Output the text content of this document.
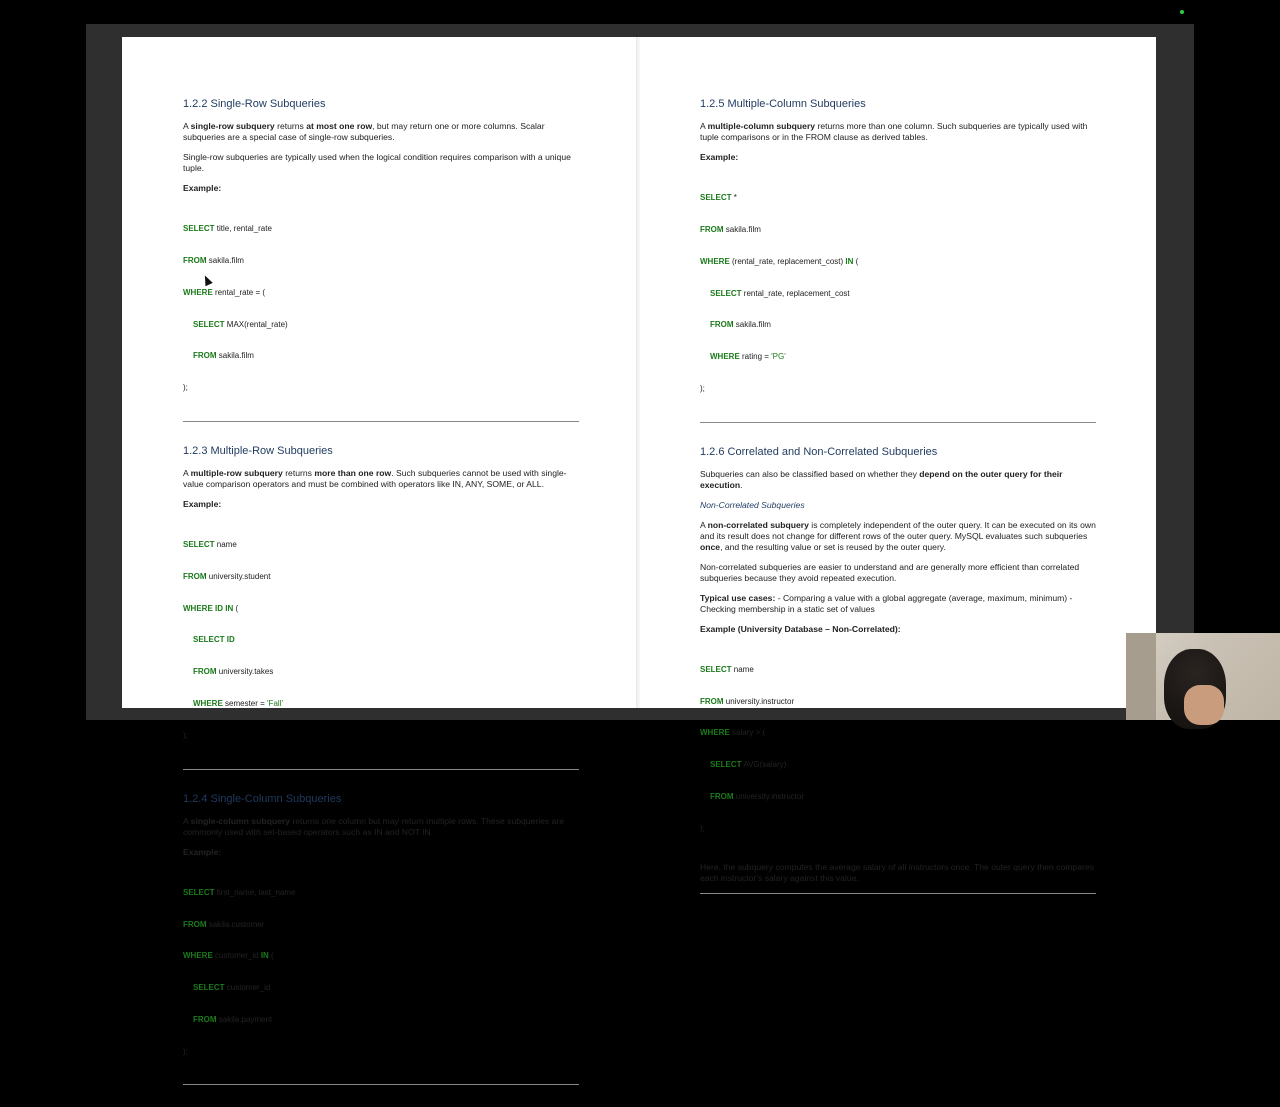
1.2.2 Single-Row Subqueries

A single-row subquery returns at most one row, but may return one or more columns. Scalar subqueries are a special case of single-row subqueries.

Single-row subqueries are typically used when the logical condition requires comparison with a unique tuple.

Example:

SELECT title, rental_rate

FROM sakila.film

WHERE rental_rate = (

SELECT MAX(rental_rate)

FROM sakila.film

);

1.2.3 Multiple-Row Subqueries

A multiple-row subquery returns more than one row. Such subqueries cannot be used with single-value comparison operators and must be combined with operators like IN, ANY, SOME, or ALL.

Example:

SELECT name

FROM university.student

WHERE ID IN (

SELECT ID

FROM university.takes

WHERE semester = 'Fall'

);

1.2.4 Single-Column Subqueries

A single-column subquery returns one column but may return multiple rows. These subqueries are commonly used with set-based operators such as IN and NOT IN.

Example:

SELECT first_name, last_name

FROM sakila.customer

WHERE customer_id IN (

SELECT customer_id

FROM sakila.payment

);

1.2.5 Multiple-Column Subqueries

A multiple-column subquery returns more than one column. Such subqueries are typically used with tuple comparisons or in the FROM clause as derived tables.

Example:

SELECT *

FROM sakila.film

WHERE (rental_rate, replacement_cost) IN (

SELECT rental_rate, replacement_cost

FROM sakila.film

WHERE rating = 'PG'

);

1.2.6 Correlated and Non-Correlated Subqueries

Subqueries can also be classified based on whether they depend on the outer query for their execution.

Non-Correlated Subqueries

A non-correlated subquery is completely independent of the outer query. It can be executed on its own and its result does not change for different rows of the outer query. MySQL evaluates such subqueries once, and the resulting value or set is reused by the outer query.

Non-correlated subqueries are easier to understand and are generally more efficient than correlated subqueries because they avoid repeated execution.

Typical use cases: - Comparing a value with a global aggregate (average, maximum, minimum) - Checking membership in a static set of values

Example (University Database – Non-Correlated):

SELECT name

FROM university.instructor

WHERE salary > (

SELECT AVG(salary)

FROM university.instructor

);

Here, the subquery computes the average salary of all instructors once. The outer query then compares each instructor's salary against this value.
